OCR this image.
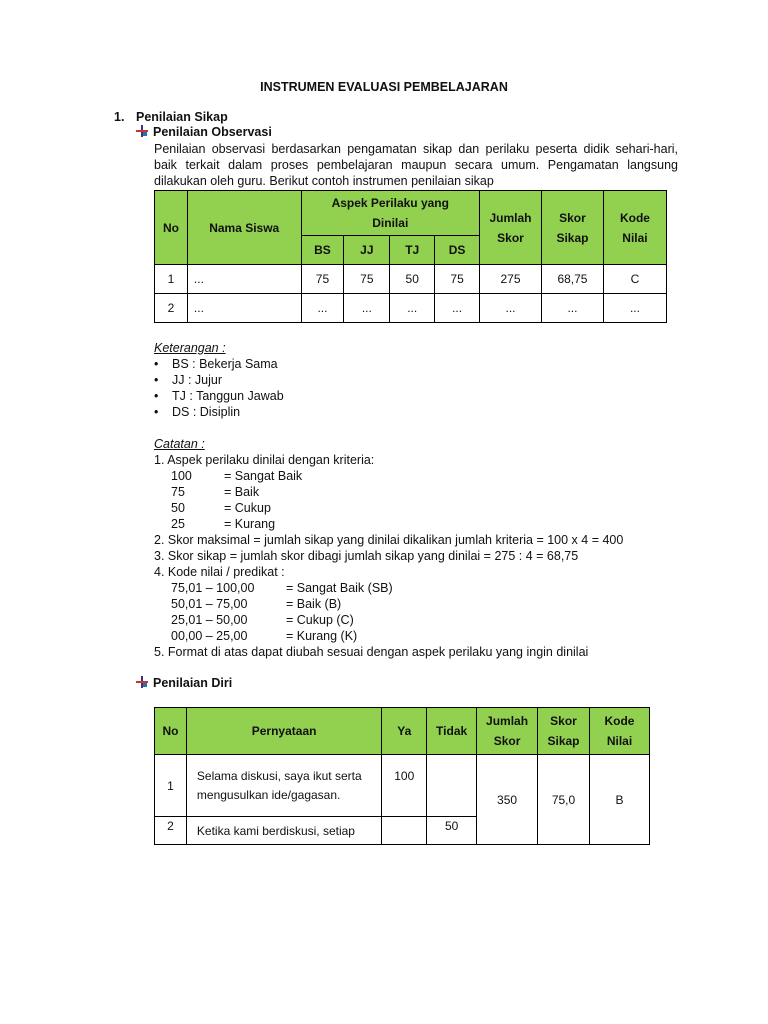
INSTRUMEN EVALUASI PEMBELAJARAN
1. Penilaian Sikap
Penilaian Observasi
Penilaian observasi berdasarkan pengamatan sikap dan perilaku peserta didik sehari-hari, baik terkait dalam proses pembelajaran maupun secara umum. Pengamatan langsung dilakukan oleh guru. Berikut contoh instrumen penilaian sikap
No	Nama Siswa	Aspek Perilaku yang Dinilai				Jumlah Skor	Skor Sikap	Kode Nilai
		BS	JJ	TJ	DS			
1	...	75	75	50	75	275	68,75	C
2	...	...	...	...	...	...	...	...
Keterangan :
• BS : Bekerja Sama
• JJ : Jujur
• TJ : Tanggun Jawab
• DS : Disiplin
Catatan :
1. Aspek perilaku dinilai dengan kriteria:
100	= Sangat Baik
75	= Baik
50	= Cukup
25	= Kurang
2. Skor maksimal = jumlah sikap yang dinilai dikalikan jumlah kriteria = 100 x 4 = 400
3. Skor sikap = jumlah skor dibagi jumlah sikap yang dinilai = 275 : 4 = 68,75
4. Kode nilai / predikat :
75,01 – 100,00	= Sangat Baik (SB)
50,01 – 75,00	= Baik (B)
25,01 – 50,00	= Cukup (C)
00,00 – 25,00	= Kurang (K)
5. Format di atas dapat diubah sesuai dengan aspek perilaku yang ingin dinilai
Penilaian Diri
No	Pernyataan	Ya	Tidak	Jumlah Skor	Skor Sikap	Kode Nilai
1	Selama diskusi, saya ikut serta mengusulkan ide/gagasan.	100		350	75,0	B
2	Ketika kami berdiskusi, setiap		50			
